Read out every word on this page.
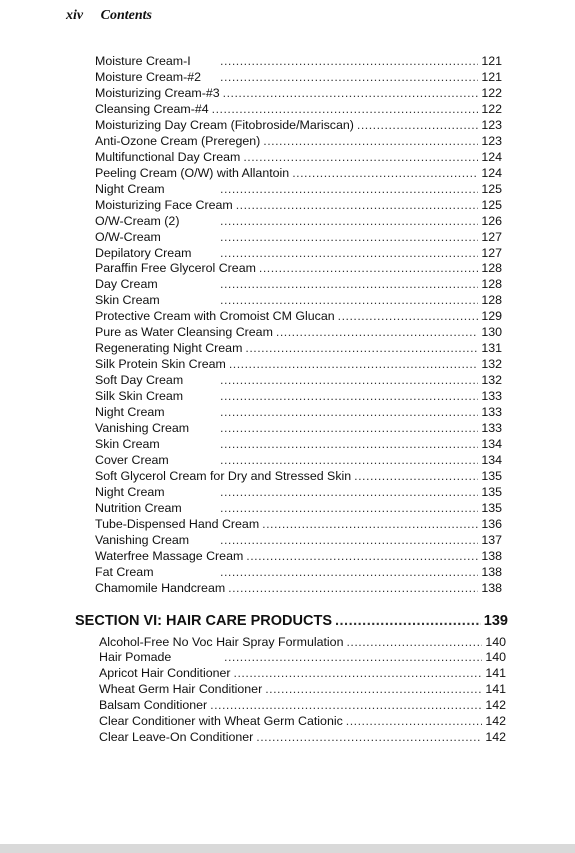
xiv Contents
Moisture Cream-I .....	121
Moisture Cream-#2 .....	121
Moisturizing Cream-#3 .....	122
Cleansing Cream-#4 .....	122
Moisturizing Day Cream (Fitobroside/Mariscan) .....	123
Anti-Ozone Cream (Preregen) .....	123
Multifunctional Day Cream .....	124
Peeling Cream (O/W) with Allantoin .....	124
Night Cream .....	125
Moisturizing Face Cream .....	125
O/W-Cream (2) .....	126
O/W-Cream .....	127
Depilatory Cream .....	127
Paraffin Free Glycerol Cream .....	128
Day Cream .....	128
Skin Cream .....	128
Protective Cream with Cromoist CM Glucan .....	129
Pure as Water Cleansing Cream .....	130
Regenerating Night Cream .....	131
Silk Protein Skin Cream .....	132
Soft Day Cream .....	132
Silk Skin Cream .....	133
Night Cream .....	133
Vanishing Cream .....	133
Skin Cream .....	134
Cover Cream .....	134
Soft Glycerol Cream for Dry and Stressed Skin .....	135
Night Cream .....	135
Nutrition Cream .....	135
Tube-Dispensed Hand Cream .....	136
Vanishing Cream .....	137
Waterfree Massage Cream .....	138
Fat Cream .....	138
Chamomile Handcream .....	138
SECTION VI: HAIR CARE PRODUCTS .....	139
Alcohol-Free No Voc Hair Spray Formulation .....	140
Hair Pomade .....	140
Apricot Hair Conditioner .....	141
Wheat Germ Hair Conditioner .....	141
Balsam Conditioner .....	142
Clear Conditioner with Wheat Germ Cationic .....	142
Clear Leave-On Conditioner .....	142
